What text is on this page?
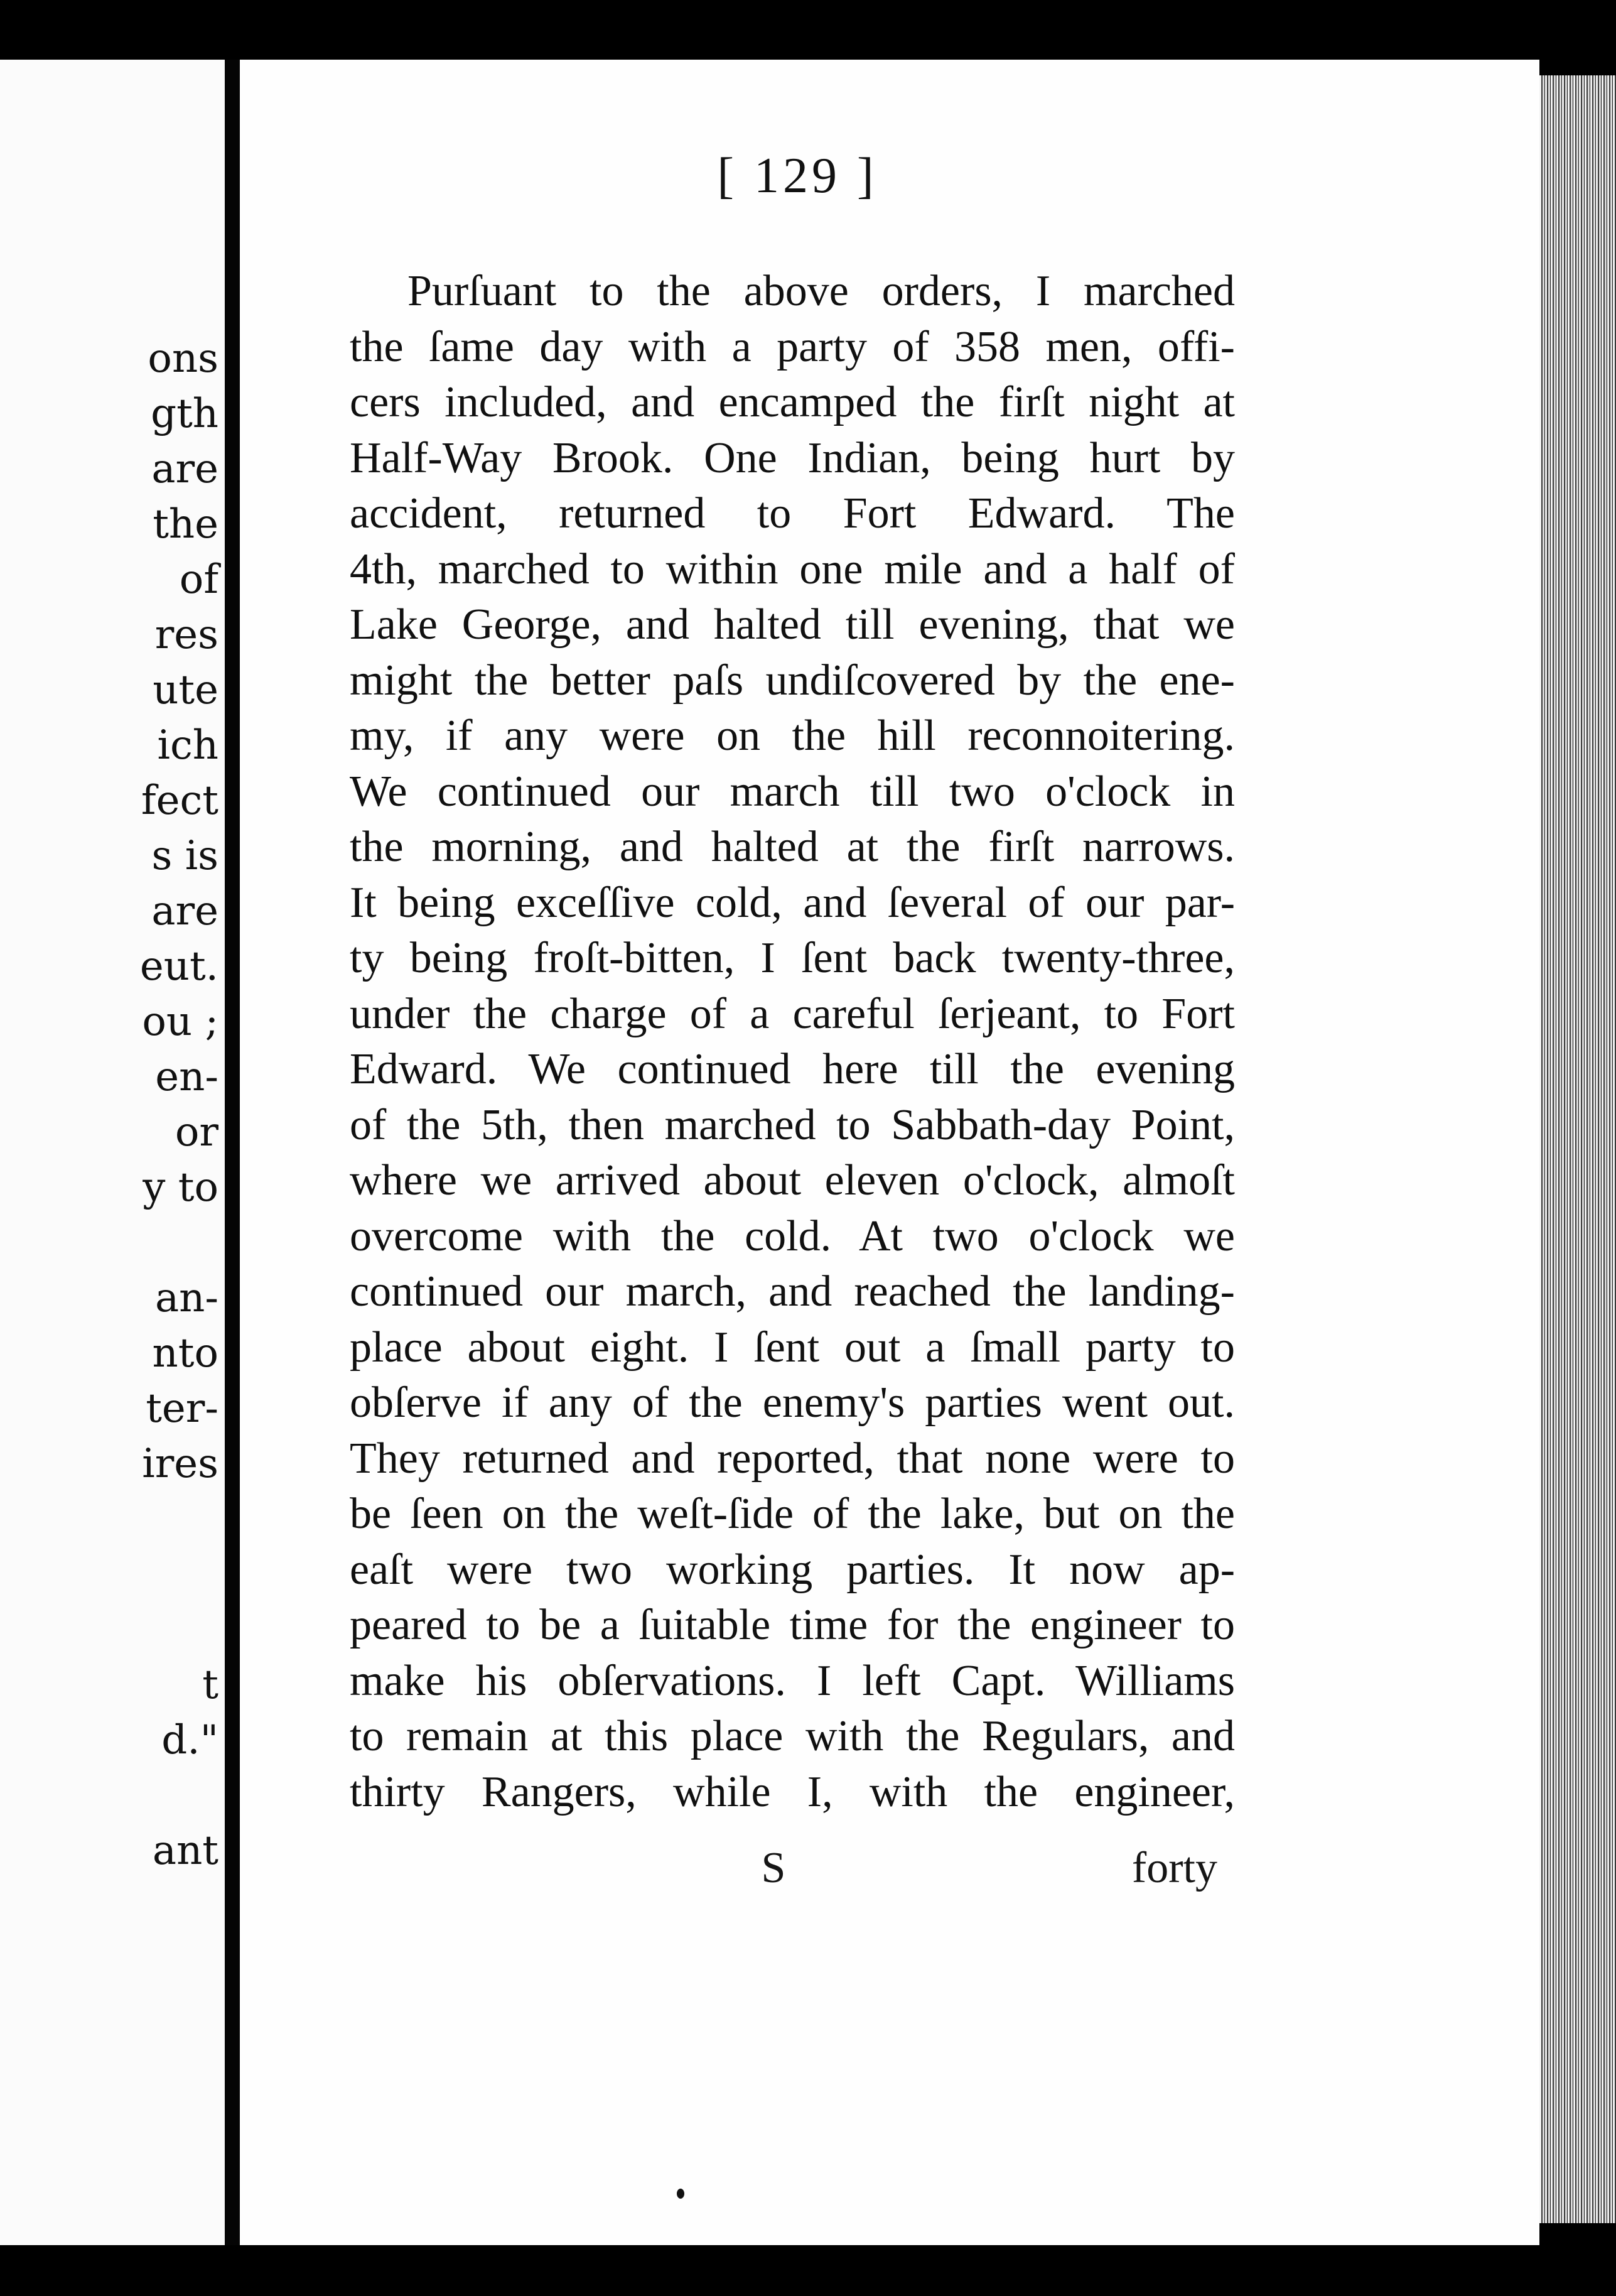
ons
gth
are
the
of
res
ute
ich
fect
s is
are
eut.
ou ;
en-
or
y to
an-
nto
ter-
ires
t
d."
ant
[ 129 ]
Purſuant to the above orders, I marched
the ſame day with a party of 358 men, offi-
cers included, and encamped the firſt night at
Half-Way Brook. One Indian, being hurt by
accident, returned to Fort Edward. The
4th, marched to within one mile and a half of
Lake George, and halted till evening, that we
might the better paſs undiſcovered by the ene-
my, if any were on the hill reconnoitering.
We continued our march till two o'clock in
the morning, and halted at the firſt narrows.
It being exceſſive cold, and ſeveral of our par-
ty being froſt-bitten, I ſent back twenty-three,
under the charge of a careful ſerjeant, to Fort
Edward. We continued here till the evening
of the 5th, then marched to Sabbath-day Point,
where we arrived about eleven o'clock, almoſt
overcome with the cold. At two o'clock we
continued our march, and reached the landing-
place about eight. I ſent out a ſmall party to
obſerve if any of the enemy's parties went out.
They returned and reported, that none were to
be ſeen on the weſt-ſide of the lake, but on the
eaſt were two working parties. It now ap-
peared to be a ſuitable time for the engineer to
make his obſervations. I left Capt. Williams
to remain at this place with the Regulars, and
thirty Rangers, while I, with the engineer,
S	forty
